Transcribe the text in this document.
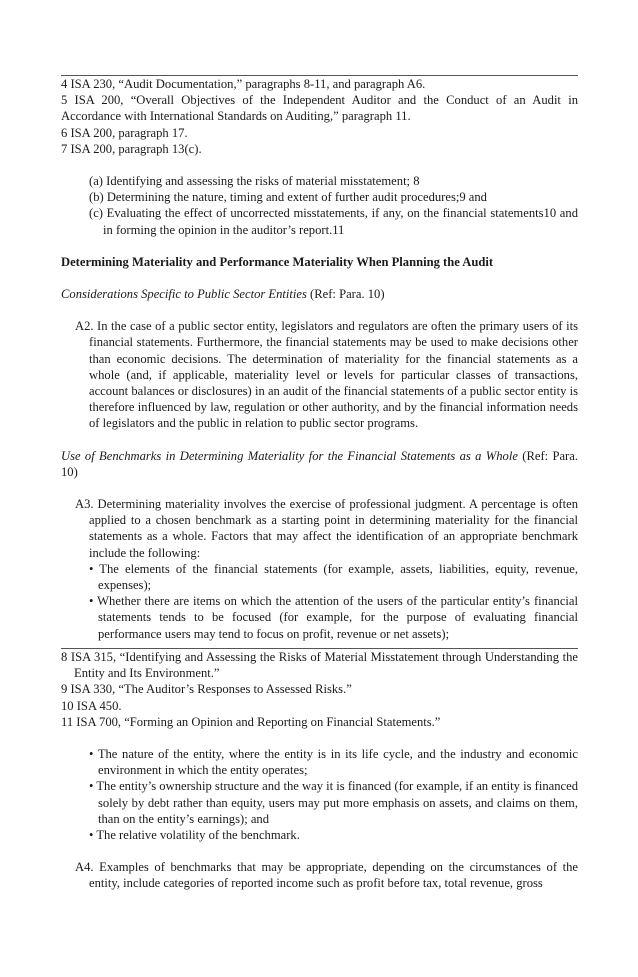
4 ISA 230, “Audit Documentation,” paragraphs 8-11, and paragraph A6.

5 ISA 200, “Overall Objectives of the Independent Auditor and the Conduct of an Audit in Accordance with International Standards on Auditing,” paragraph 11.

6 ISA 200, paragraph 17.

7 ISA 200, paragraph 13(c).

(a) Identifying and assessing the risks of material misstatement; 8

(b) Determining the nature, timing and extent of further audit procedures;9 and

(c) Evaluating the effect of uncorrected misstatements, if any, on the financial statements10 and in forming the opinion in the auditor’s report.11

Determining Materiality and Performance Materiality When Planning the Audit

Considerations Specific to Public Sector Entities (Ref: Para. 10)

A2. In the case of a public sector entity, legislators and regulators are often the primary users of its financial statements. Furthermore, the financial statements may be used to make decisions other than economic decisions. The determination of materiality for the financial statements as a whole (and, if applicable, materiality level or levels for particular classes of transactions, account balances or disclosures) in an audit of the financial statements of a public sector entity is therefore influenced by law, regulation or other authority, and by the financial information needs of legislators and the public in relation to public sector programs.

Use of Benchmarks in Determining Materiality for the Financial Statements as a Whole (Ref: Para. 10)

A3. Determining materiality involves the exercise of professional judgment. A percentage is often applied to a chosen benchmark as a starting point in determining materiality for the financial statements as a whole. Factors that may affect the identification of an appropriate benchmark include the following:

• The elements of the financial statements (for example, assets, liabilities, equity, revenue, expenses);

• Whether there are items on which the attention of the users of the particular entity’s financial statements tends to be focused (for example, for the purpose of evaluating financial performance users may tend to focus on profit, revenue or net assets);

8 ISA 315, “Identifying and Assessing the Risks of Material Misstatement through Understanding the Entity and Its Environment.”

9 ISA 330, “The Auditor’s Responses to Assessed Risks.”

10 ISA 450.

11 ISA 700, “Forming an Opinion and Reporting on Financial Statements.”

• The nature of the entity, where the entity is in its life cycle, and the industry and economic environment in which the entity operates;

• The entity’s ownership structure and the way it is financed (for example, if an entity is financed solely by debt rather than equity, users may put more emphasis on assets, and claims on them, than on the entity’s earnings); and

• The relative volatility of the benchmark.

A4. Examples of benchmarks that may be appropriate, depending on the circumstances of the entity, include categories of reported income such as profit before tax, total revenue, gross
